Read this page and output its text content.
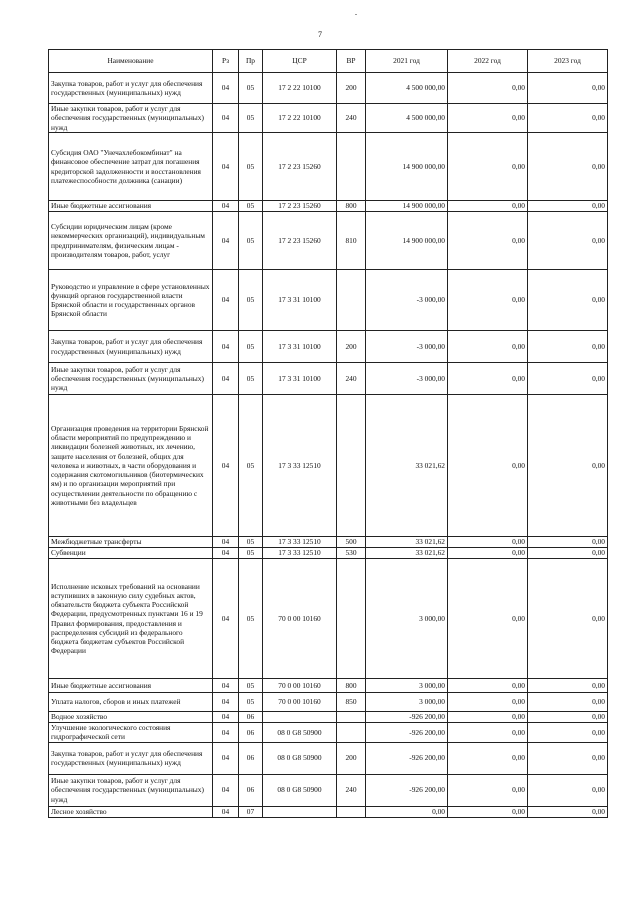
7
Наименование	Рз	Пр	ЦСР	ВР	2021 год	2022 год	2023 год
Закупка товаров, работ и услуг для обеспечения государственных (муниципальных) нужд	04	05	17 2 22 10100	200	4 500 000,00	0,00	0,00
Иные закупки товаров, работ и услуг для обеспечения государственных (муниципальных) нужд	04	05	17 2 22 10100	240	4 500 000,00	0,00	0,00
Субсидия ОАО "Унечахлебокомбинат" на финансовое обеспечение затрат для погашения кредиторской задолженности и восстановления платежеспособности должника (санации)	04	05	17 2 23 15260		14 900 000,00	0,00	0,00
Иные бюджетные ассигнования	04	05	17 2 23 15260	800	14 900 000,00	0,00	0,00
Субсидии юридическим лицам (кроме некоммерческих организаций), индивидуальным предпринимателям, физическим лицам - производителям товаров, работ, услуг	04	05	17 2 23 15260	810	14 900 000,00	0,00	0,00
Руководство и управление в сфере установленных функций органов государственной власти Брянской области и государственных органов Брянской области	04	05	17 3 31 10100		-3 000,00	0,00	0,00
Закупка товаров, работ и услуг для обеспечения государственных (муниципальных) нужд	04	05	17 3 31 10100	200	-3 000,00	0,00	0,00
Иные закупки товаров, работ и услуг для обеспечения государственных (муниципальных) нужд	04	05	17 3 31 10100	240	-3 000,00	0,00	0,00
Организация проведения на территории Брянской области мероприятий по предупреждению и ликвидации болезней животных, их лечению, защите населения от болезней, общих для человека и животных, в части оборудования и содержания скотомогильников (биотермических ям) и по организации мероприятий при осуществлении деятельности по обращению с животными без владельцев	04	05	17 3 33 12510		33 021,62	0,00	0,00
Межбюджетные трансферты	04	05	17 3 33 12510	500	33 021,62	0,00	0,00
Субвенции	04	05	17 3 33 12510	530	33 021,62	0,00	0,00
Исполнение исковых требований на основании вступивших в законную силу судебных актов, обязательств бюджета субъекта Российской Федерации, предусмотренных пунктами 16 и 19 Правил формирования, предоставления и распределения субсидий из федерального бюджета бюджетам субъектов Российской Федерации	04	05	70 0 00 10160		3 000,00	0,00	0,00
Иные бюджетные ассигнования	04	05	70 0 00 10160	800	3 000,00	0,00	0,00
Уплата налогов, сборов и иных платежей	04	05	70 0 00 10160	850	3 000,00	0,00	0,00
Водное хозяйство	04	06			-926 200,00	0,00	0,00
Улучшение экологического состояния гидрографической сети	04	06	08 0 G8 50900		-926 200,00	0,00	0,00
Закупка товаров, работ и услуг для обеспечения государственных (муниципальных) нужд	04	06	08 0 G8 50900	200	-926 200,00	0,00	0,00
Иные закупки товаров, работ и услуг для обеспечения государственных (муниципальных) нужд	04	06	08 0 G8 50900	240	-926 200,00	0,00	0,00
Лесное хозяйство	04	07			0,00	0,00	0,00
